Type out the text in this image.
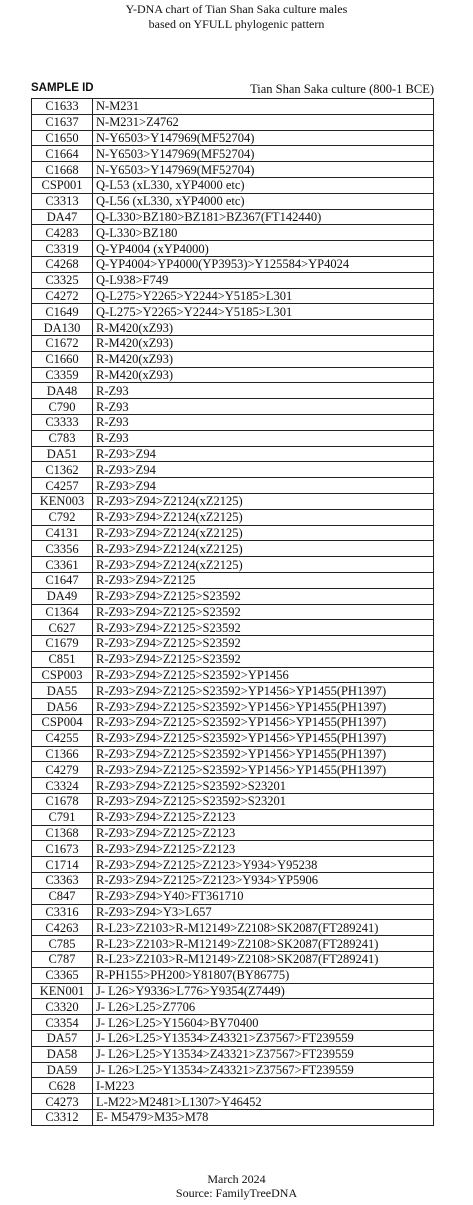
Y-DNA chart of Tian Shan Saka culture males
based on YFULL phylogenic pattern
SAMPLE ID	Tian Shan Saka culture (800-1 BCE)
C1633	N-M231
C1637	N-M231>Z4762
C1650	N-Y6503>Y147969(MF52704)
C1664	N-Y6503>Y147969(MF52704)
C1668	N-Y6503>Y147969(MF52704)
CSP001	Q-L53 (xL330, xYP4000 etc)
C3313	Q-L56 (xL330, xYP4000 etc)
DA47	Q-L330>BZ180>BZ181>BZ367(FT142440)
C4283	Q-L330>BZ180
C3319	Q-YP4004 (xYP4000)
C4268	Q-YP4004>YP4000(YP3953)>Y125584>YP4024
C3325	Q-L938>F749
C4272	Q-L275>Y2265>Y2244>Y5185>L301
C1649	Q-L275>Y2265>Y2244>Y5185>L301
DA130	R-M420(xZ93)
C1672	R-M420(xZ93)
C1660	R-M420(xZ93)
C3359	R-M420(xZ93)
DA48	R-Z93
C790	R-Z93
C3333	R-Z93
C783	R-Z93
DA51	R-Z93>Z94
C1362	R-Z93>Z94
C4257	R-Z93>Z94
KEN003	R-Z93>Z94>Z2124(xZ2125)
C792	R-Z93>Z94>Z2124(xZ2125)
C4131	R-Z93>Z94>Z2124(xZ2125)
C3356	R-Z93>Z94>Z2124(xZ2125)
C3361	R-Z93>Z94>Z2124(xZ2125)
C1647	R-Z93>Z94>Z2125
DA49	R-Z93>Z94>Z2125>S23592
C1364	R-Z93>Z94>Z2125>S23592
C627	R-Z93>Z94>Z2125>S23592
C1679	R-Z93>Z94>Z2125>S23592
C851	R-Z93>Z94>Z2125>S23592
CSP003	R-Z93>Z94>Z2125>S23592>YP1456
DA55	R-Z93>Z94>Z2125>S23592>YP1456>YP1455(PH1397)
DA56	R-Z93>Z94>Z2125>S23592>YP1456>YP1455(PH1397)
CSP004	R-Z93>Z94>Z2125>S23592>YP1456>YP1455(PH1397)
C4255	R-Z93>Z94>Z2125>S23592>YP1456>YP1455(PH1397)
C1366	R-Z93>Z94>Z2125>S23592>YP1456>YP1455(PH1397)
C4279	R-Z93>Z94>Z2125>S23592>YP1456>YP1455(PH1397)
C3324	R-Z93>Z94>Z2125>S23592>S23201
C1678	R-Z93>Z94>Z2125>S23592>S23201
C791	R-Z93>Z94>Z2125>Z2123
C1368	R-Z93>Z94>Z2125>Z2123
C1673	R-Z93>Z94>Z2125>Z2123
C1714	R-Z93>Z94>Z2125>Z2123>Y934>Y95238
C3363	R-Z93>Z94>Z2125>Z2123>Y934>YP5906
C847	R-Z93>Z94>Y40>FT361710
C3316	R-Z93>Z94>Y3>L657
C4263	R-L23>Z2103>R-M12149>Z2108>SK2087(FT289241)
C785	R-L23>Z2103>R-M12149>Z2108>SK2087(FT289241)
C787	R-L23>Z2103>R-M12149>Z2108>SK2087(FT289241)
C3365	R-PH155>PH200>Y81807(BY86775)
KEN001	J- L26>Y9336>L776>Y9354(Z7449)
C3320	J- L26>L25>Z7706
C3354	J- L26>L25>Y15604>BY70400
DA57	J- L26>L25>Y13534>Z43321>Z37567>FT239559
DA58	J- L26>L25>Y13534>Z43321>Z37567>FT239559
DA59	J- L26>L25>Y13534>Z43321>Z37567>FT239559
C628	I-M223
C4273	L-M22>M2481>L1307>Y46452
C3312	E- M5479>M35>M78
March 2024
Source: FamilyTreeDNA
